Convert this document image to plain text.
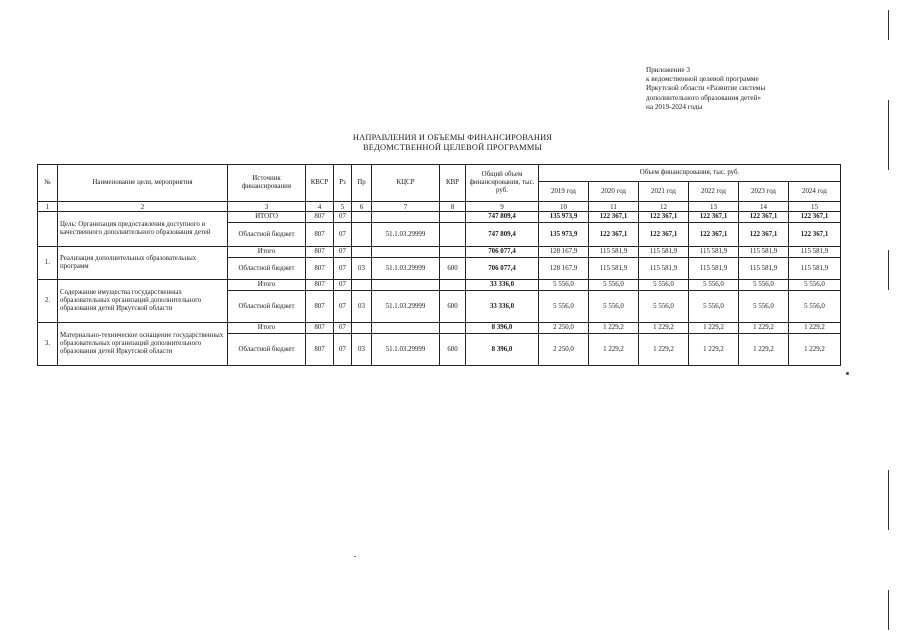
Приложение 3
к ведомственной целевой программе
Иркутской области «Развитие системы
дополнительного образования детей»
на 2019-2024 годы
НАПРАВЛЕНИЯ И ОБЪЕМЫ ФИНАНСИРОВАНИЯ
ВЕДОМСТВЕННОЙ ЦЕЛЕВОЙ ПРОГРАММЫ
№	Наименование цели, мероприятия	Источник финансирования	КВСР	Рз	Пр	КЦСР	КВР	Общий объем финансирования, тыс. руб.	Объем финансирования, тыс. руб.					
									2019 год	2020 год	2021 год	2022 год	2023 год	2024 год
1	2	3	4	5	6	7	8	9	10	11	12	13	14	15
	Цель: Организация предоставления доступного и качественного дополнительного образования детей	ИТОГО	807	07				747 809,4	135 973,9	122 367,1	122 367,1	122 367,1	122 367,1	122 367,1
		Областной бюджет	807	07		51.1.03.29999		747 809,4	135 973,9	122 367,1	122 367,1	122 367,1	122 367,1	122 367,1
1.	Реализация дополнительных образовательных программ	Итого	807	07				706 077,4	128 167,9	115 581,9	115 581,9	115 581,9	115 581,9	115 581,9
		Областной бюджет	807	07	03	51.1.03.29999	600	706 077,4	128 167,9	115 581,9	115 581,9	115 581,9	115 581,9	115 581,9
2.	Содержание имущества государственных образовательных организаций дополнительного образования детей Иркутской области	Итого	807	07				33 336,0	5 556,0	5 556,0	5 556,0	5 556,0	5 556,0	5 556,0
		Областной бюджет	807	07	03	51.1.03.29999	600	33 336,0	5 556,0	5 556,0	5 556,0	5 556,0	5 556,0	5 556,0
3.	Материально-техническое оснащение государственных образовательных организаций дополнительного образования детей Иркутской области	Итого	807	07				8 396,0	2 250,0	1 229,2	1 229,2	1 229,2	1 229,2	1 229,2
		Областной бюджет	807	07	03	51.1.03.29999	600	8 396,0	2 250,0	1 229,2	1 229,2	1 229,2	1 229,2	1 229,2
